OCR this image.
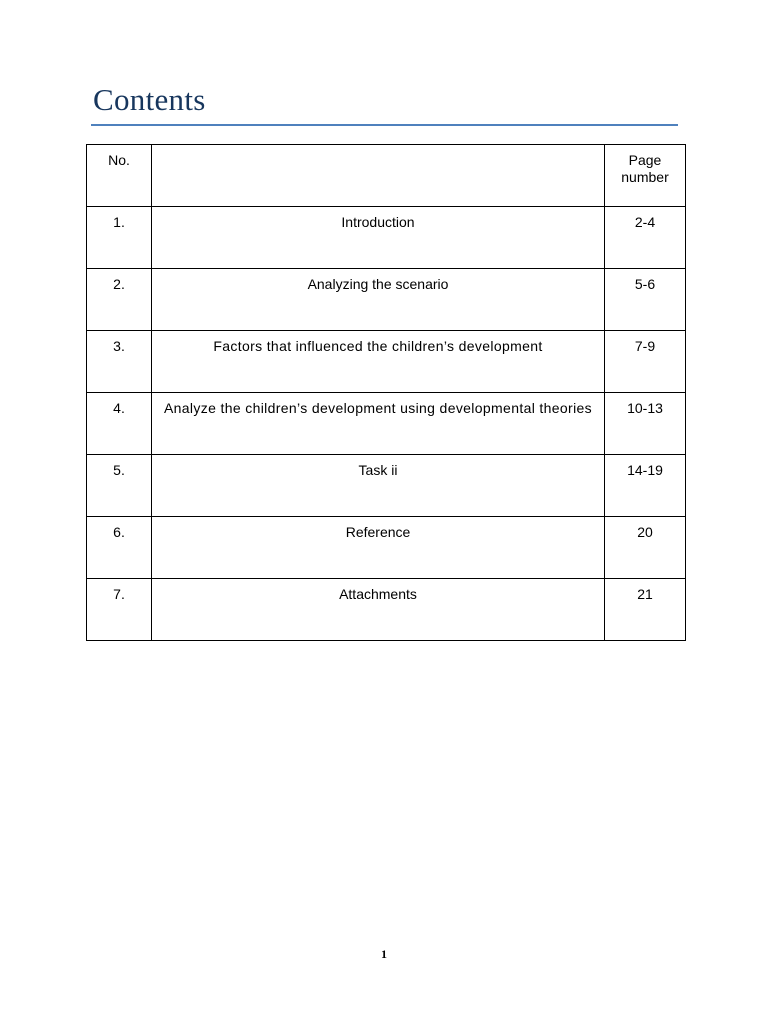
Contents
No.		Page number
1.	Introduction	2-4
2.	Analyzing the scenario	5-6
3.	Factors that influenced the children’s development	7-9
4.	Analyze the children’s development using developmental theories	10-13
5.	Task ii	14-19
6.	Reference	20
7.	Attachments	21
1
